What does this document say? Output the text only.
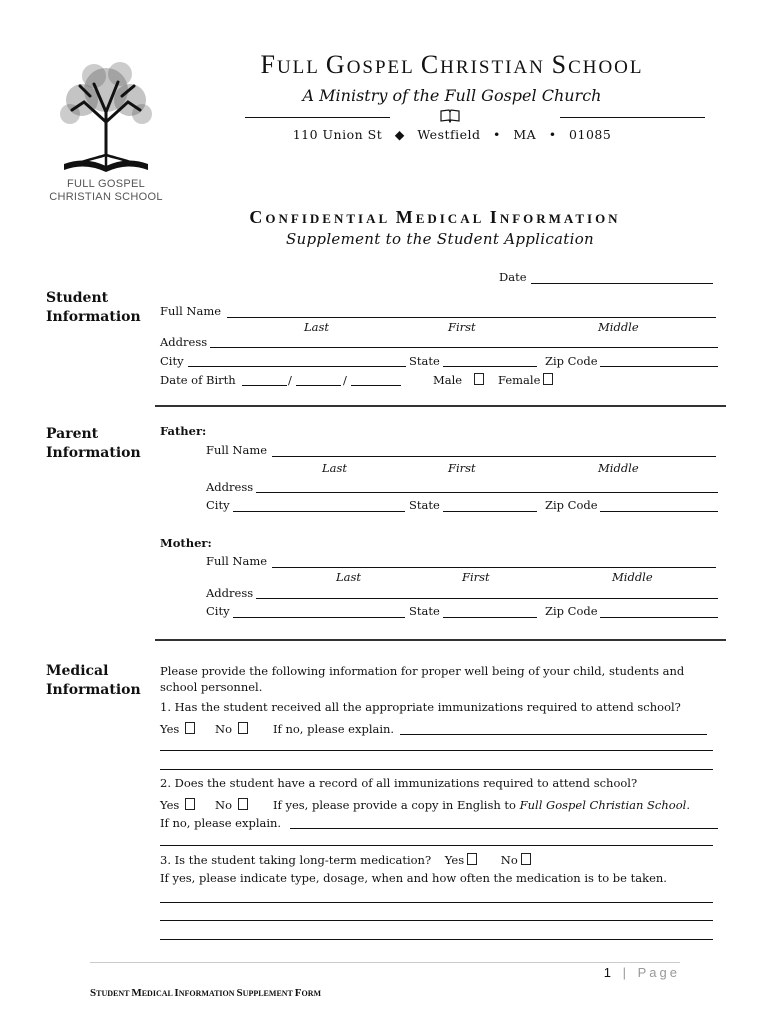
FULL GOSPEL
CHRISTIAN SCHOOL
FULL GOSPEL CHRISTIAN SCHOOL
A Ministry of the Full Gospel Church
110 Union St ◆ Westfield • MA • 01085
CONFIDENTIAL MEDICAL INFORMATION
Supplement to the Student Application
Date
Student
Information Full Name
Last	First	Middle
Address
City	State	Zip Code
Date of Birth	/	/	Male	Female
Parent
Information
Father:
Full Name
Last	First	Middle
Address
City	State	Zip Code
Mother:
Full Name
Last	First	Middle
Address
City	State	Zip Code
Medical
Information
Please provide the following information for proper well being of your child, students and school personnel.
1. Has the student received all the appropriate immunizations required to attend school?
Yes	No	If no, please explain.
2. Does the student have a record of all immunizations required to attend school?
Yes	No	If yes, please provide a copy in English to Full Gospel Christian School.
If no, please explain.
3. Is the student taking long-term medication? Yes	No
If yes, please indicate type, dosage, when and how often the medication is to be taken.
1 | Page
STUDENT MEDICAL INFORMATION SUPPLEMENT FORM
